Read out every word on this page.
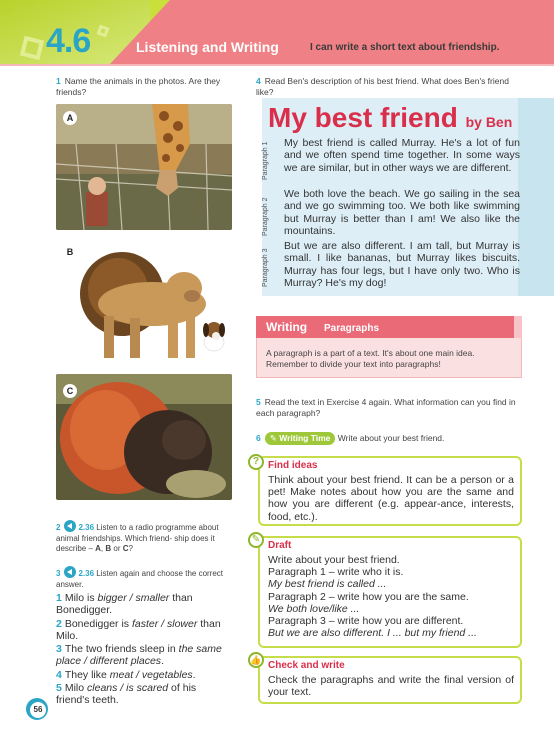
4.6	Listening and Writing	I can write a short text about friendship.
1 Name the animals in the photos. Are they friends?
A
B
C
2 2.36 Listen to a radio programme about animal friendships. Which friend- ship does it describe – A, B or C?
3 2.36 Listen again and choose the correct answer.
1 Milo is bigger / smaller than Bonedigger.
2 Bonedigger is faster / slower than Milo.
3 The two friends sleep in the same place / different places.
4 They like meat / vegetables.
5 Milo cleans / is scared of his friend's teeth.
56
4 Read Ben's description of his best friend. What does Ben's friend like?
My best friend by Ben
Paragraph 1 My best friend is called Murray. He's a lot of fun and we often spend time together. In some ways we are similar, but in other ways we are different.
Paragraph 2
We both love the beach. We go sailing in the sea and we go swimming too. We both like swimming but Murray is better than I am! We also like the mountains.
Paragraph 3
But we are also different. I am tall, but Murray is small. I like bananas, but Murray likes biscuits. Murray has four legs, but I have only two. Who is Murray? He's my dog!
Writing Paragraphs
A paragraph is a part of a text. It's about one main idea. Remember to divide your text into paragraphs!
5 Read the text in Exercise 4 again. What information can you find in each paragraph?
6 ✎ Writing Time Write about your best friend.
? Find ideas
Think about your best friend. It can be a person or a pet! Make notes about how you are the same and how you are different (e.g. appear-ance, interests, food, etc.).
✎
Draft
Write about your best friend.
Paragraph 1 – write who it is.
My best friend is called ...
Paragraph 2 – write how you are the same.
We both love/like ...
Paragraph 3 – write how you are different.
But we are also different. I ... but my friend ...
👍 Check and write
Check the paragraphs and write the final version of your text.
